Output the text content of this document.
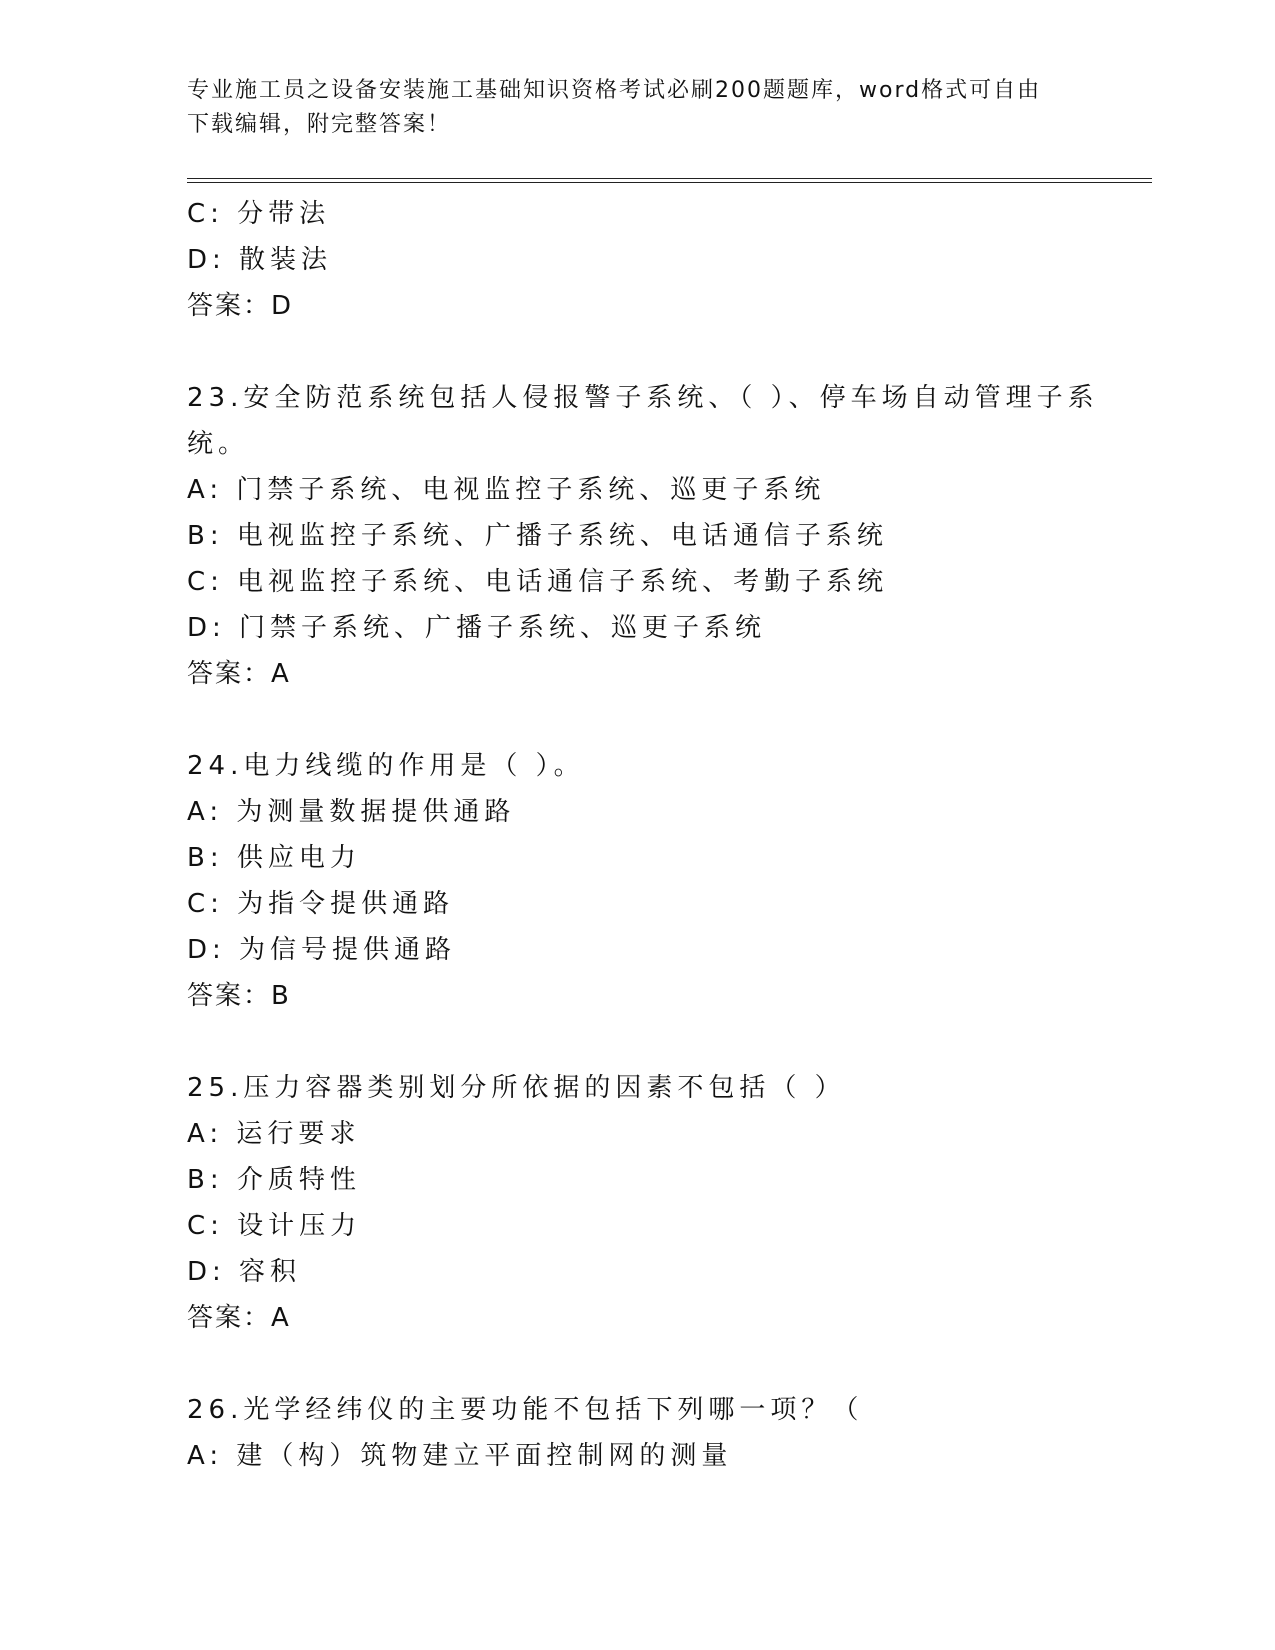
专业施工员之设备安装施工基础知识资格考试必刷200题题库，word格式可自由
下载编辑，附完整答案！
C: 分带法
D: 散装法
答案：D
23.安全防范系统包括人侵报警子系统、（ ）、停车场自动管理子系
统。
A: 门禁子系统、电视监控子系统、巡更子系统
B: 电视监控子系统、广播子系统、电话通信子系统
C: 电视监控子系统、电话通信子系统、考勤子系统
D: 门禁子系统、广播子系统、巡更子系统
答案：A
24.电力线缆的作用是（ ）。
A: 为测量数据提供通路
B: 供应电力
C: 为指令提供通路
D: 为信号提供通路
答案：B
25.压力容器类别划分所依据的因素不包括（ ）
A: 运行要求
B: 介质特性
C: 设计压力
D: 容积
答案：A
26.光学经纬仪的主要功能不包括下列哪一项？（
A: 建（构）筑物建立平面控制网的测量
